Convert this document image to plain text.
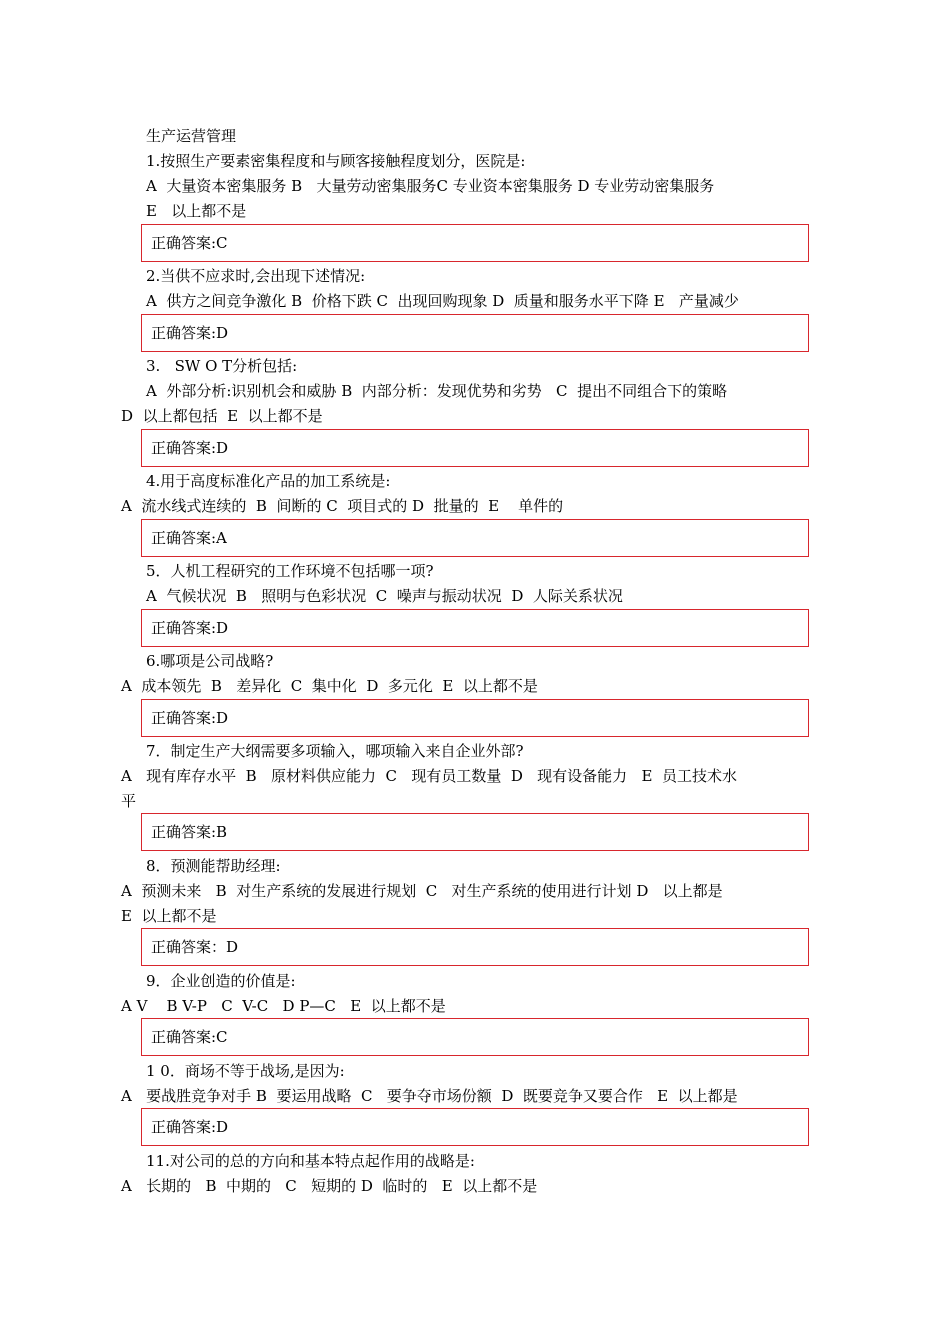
生产运营管理
1.按照生产要素密集程度和与顾客接触程度划分，医院是:
A  大量资本密集服务 B   大量劳动密集服务C 专业资本密集服务 D 专业劳动密集服务
E   以上都不是
正确答案:C
2.当供不应求时,会出现下述情况:
A  供方之间竞争激化 B  价格下跌 C  出现回购现象 D  质量和服务水平下降 E   产量减少
正确答案:D
3.   SW O T分析包括:
A  外部分析:识别机会和威胁 B  内部分析：发现优势和劣势   C  提出不同组合下的策略
D  以上都包括  E  以上都不是
正确答案:D
4.用于高度标准化产品的加工系统是:
A  流水线式连续的  B  间断的 C  项目式的 D  批量的  E    单件的
正确答案:A
5．人机工程研究的工作环境不包括哪一项?
A  气候状况  B   照明与色彩状况  C  噪声与振动状况  D  人际关系状况
正确答案:D
6.哪项是公司战略?
A  成本领先  B   差异化  C  集中化  D  多元化  E  以上都不是
正确答案:D
7．制定生产大纲需要多项输入，哪项输入来自企业外部?
A   现有库存水平  B   原材料供应能力  C   现有员工数量  D   现有设备能力   E  员工技术水
平
正确答案:B
8．预测能帮助经理:
A  预测未来   B  对生产系统的发展进行规划  C   对生产系统的使用进行计划 D   以上都是
E  以上都不是
正确答案：D
9．企业创造的价值是:
A V    B V-P   C  V-C   D P—C   E  以上都不是
正确答案:C
1 0．商场不等于战场,是因为:
A   要战胜竞争对手 B  要运用战略  C   要争夺市场份额  D  既要竞争又要合作   E  以上都是
正确答案:D
11.对公司的总的方向和基本特点起作用的战略是:
A   长期的   B  中期的   C   短期的 D  临时的   E  以上都不是
